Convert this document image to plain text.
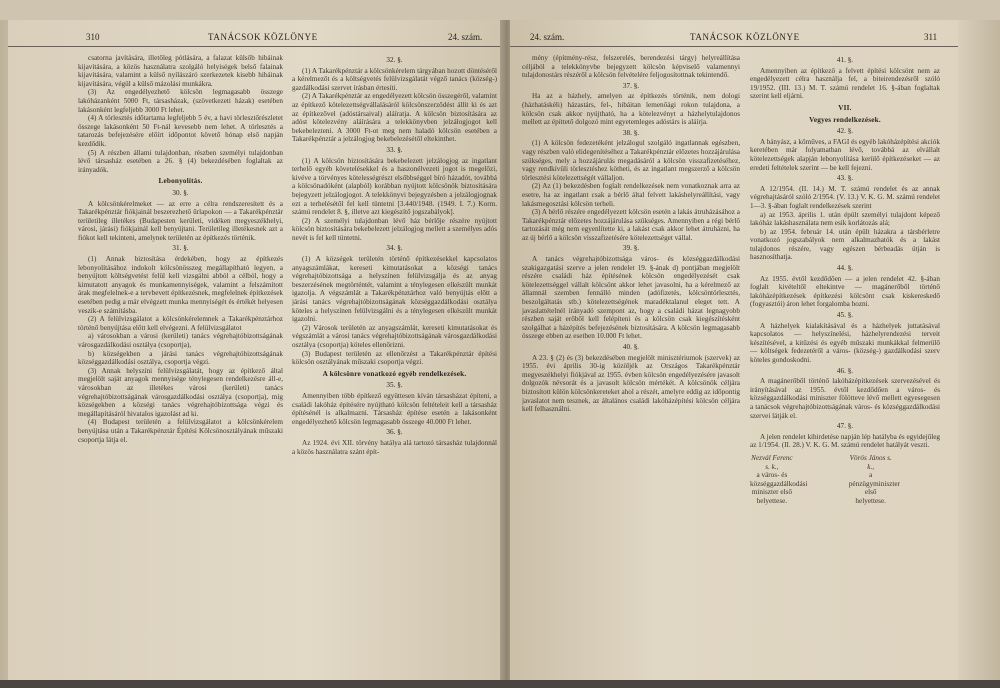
310	TANÁCSOK KÖZLÖNYE	24. szám.

csatorna javítására, illetőleg pótlására, a falazat külsőb hibáinak kijavítására, a közös használatra szolgáló helyiségek belső falainak kijavítására, valamint a külső nyílászáró szerkezetek kisebb hibáinak kijavítására, végül a külső mázolási munkákra.

(3) Az engedélyezhető kölcsön legmagasabb összege lakóházanként 5000 Ft, társasházak, (szövetkezeti házak) esetében lakásonként legfeljebb 3000 Ft lehet.

(4) A törlesztés időtartama legfeljebb 5 év, a havi törlesztőrészletet összege lakásonként 50 Ft-nál kevesebb nem lehet. A törlesztés a tatarozás befejezésére előírt időpontot követő hónap első napján kezdődik.

(5) A részben állami tulajdonban, részben személyi tulajdonban lévő társasház esetében a 26. § (4) bekezdésében foglaltak az irányadók.

Lebonyolítás.

30. §.

A kölcsönkérelmeket — az erre a célra rendszeresített és a Takarékpénztár fiókjainál beszerezhető űrlapokon — a Takarékpénztár területileg illetékes (Budapesten kerületi, vidéken megyeszékhelyi, városi, járási) fiókjainál kell benyújtani. Területileg illetékesnek azt a fiókot kell tekinteni, amelynek területén az építkezés történik.

31. §.

(1) Annak biztosítása érdekében, hogy az építkezés lebonyolításához indokolt kölcsönösszeg megállapítható legyen, a benyújtott költségvetést felül kell vizsgálni abból a célból, hogy a kimutatott anyagok és munkamennyiségek, valamint a felszámított árak megfelelnek-e a tervbevett építkezésnek, megfelelnek építkezések esetében pedig a már elvégzett munka mennyiségét és értékét helyesen veszik-e számításba.

(2) A felülvizsgálatot a kölcsönkérelemnek a Takarékpénztárhoz történő benyújtása előtt kell elvégezni. A felülvizsgálatot

a) városokban a városi (kerületi) tanács végrehajtóbizottságának városgazdálkodási osztálya (csoportja),

b) községekben a járási tanács végrehajtóbizottságának községgazdálkodási osztálya, csoportja végzi.

(3) Annak helyszíni felülvizsgálatát, hogy az építkező által megjelölt saját anyagok mennyisége ténylegesen rendelkezésre áll-e, városokban az illetékes városi (kerületi) tanács végrehajtóbizottságának városgazdálkodási osztálya (csoportja), míg községekben a községi tanács végrehajtóbizottsága végzi és megállapításáról hivatalos igazolást ad ki.

(4) Budapest területén a felülvizsgálatot a kölcsönkérelem benyújtása után a Takarékpénztár Építési Kölcsönosztályának műszaki csoportja látja el.

32. §.

(1) A Takarékpénztár a kölcsönkérelem tárgyában hozott döntéséről a kérelmezőt és a költségvetés felülvizsgálatát végző tanács (község-) gazdálkodási szervet írásban értesíti.

(2) A Takarékpénztár az engedélyezett kölcsön összegéről, valamint az építkező kötelezettségvállalásáról kölcsönszerződést állít ki és azt az építkezővel (adóstársaival) aláíratja. A kölcsön biztosítására az adóst kötelezvény aláírására a telekkönyvben jelzálogjogot kell bekebelezteni. A 3000 Ft-ot meg nem haladó kölcsön esetében a Takarékpénztár a jelzálogjog bekebelezésétől eltekinthet.

33. §.

(1) A kölcsön biztosítására bekebelezett jelzálogjog az ingatlant terhelő egyéb követelésekkel és a haszonélvezeti jogot is megelőzi, kivéve a törvényes kötelességrészt elsőbbséggel bíró házadót, továbbá a kölcsönadóként (alapból) korábban nyújtott kölcsönök biztosítására bejegyzett jelzálogjogot. A telekkönyvi bejegyzésben a jelzálogjognak ezt a terhelésétől fel kell tüntetni [3.440/1948. (1949. I. 7.) Korm. számú rendelet 8. §, illetve azt kiegészítő jogszabályok].

(2) A személyi tulajdonban lévő ház bérlője részére nyújtott kölcsön biztosítására bekebelezett jelzálogjog mellett a személyes adós nevét is fel kell tüntetni.

34. §.

(1) A községek területén történő építkezésekkel kapcsolatos anyagszámlákat, kereseti kimutatásokat a községi tanács végrehajtóbizottsága a helyszínen felülvizsgálja és az anyag beszerzésének megtörténtét, valamint a ténylegesen elkészült munkát igazolja. A végszámlát a Takarékpénztárhoz való benyújtás előtt a járási tanács végrehajtóbizottságának községgazdálkodási osztálya köteles a helyszínen felülvizsgálni és a ténylegesen elkészült munkát igazolni.

(2) Városok területén az anyagszámlát, kereseti kimutatásokat és végszámlát a városi tanács végrehajtóbizottságának városgazdálkodási osztálya (csoportja) köteles ellenőrizni.

(3) Budapest területén az ellenőrzést a Takarékpénztár építési kölcsön osztályának műszaki csoportja végzi.

A kölcsönre vonatkozó egyéb rendelkezések.

35. §.

Amennyiben több építkező együttesen kíván társasházat építeni, a családi lakóház építésére nyújtható kölcsön feltételeit kell a társasház építésénél is alkalmazni. Társasház építése esetén a lakásonként engedélyezhető kölcsön legmagasabb összege 40.000 Ft lehet.

36. §.

Az 1924. évi XII. törvény hatálya alá tartozó társasház tulajdonnál a közös használatra szánt épít-

24. szám.	TANÁCSOK KÖZLÖNYE	311

mény (építmény-rész, felszerelés, berendezési tárgy) helyreállítása céljából a telekkönyvbe bejegyzett kölcsön képviselő valamennyi tulajdonostárs részéről a kölcsön felvételére feljogosítottnak tekintendő.

37. §.

Ha az a házhely, amelyen az építkezés történik, nem dologi (házhatáskéli) házastárs, fel-, hibáitan lemenőági rokon tulajdona, a kölcsön csak akkor nyújtható, ha a kötelezvényt a házhelytulajdonos mellett az építtető dolgozó mint egyetemleges adóstárs is aláírja.

38. §.

(1) A kölcsön fedezetéként jelzálogul szolgáló ingatlannak egészben, vagy részben való elidegenítéséhez a Takarékpénztár előzetes hozzájárulása szükséges, mely a hozzájárulás megadásáról a kölcsön visszafizetéséhez, vagy rendkívüli törlesztéshez kötheti, és az ingatlant megszerző a kölcsön törlesztési kötelezettségét vállaljon.

(2) Az (1) bekezdésben foglalt rendelkezések nem vonatkoznak arra az esetre, ha az ingatlant csak a bérlő által felvett lakáshelyreállítási, vagy lakásmegosztási kölcsön terheli.

(3) A bérlő részére engedélyezett kölcsön esetén a lakás átruházásához a Takarékpénztár előzetes hozzájárulása szükséges. Amennyiben a régi bérlő tartozását még nem egyenlítette ki, a lakást csak akkor lehet átruházni, ha az új bérlő a kölcsön visszafizetésére kötelezettséget vállal.

39. §.

A tanács végrehajtóbizottsága város- és községgazdálkodási szakigazgatási szerve a jelen rendelet 19. §-ának d) pontjában megjelölt részére családi ház építésének kölcsön engedélyezését csak kötelezettséggel vállalt kölcsönt akkor lehet javasolni, ha a kérelmező az államnál szemben fennálló minden (adófizetés, kölcsöntörlesztés, beszolgáltatás stb.) kötelezettségének maradéktalanul eleget tett. A javaslattételnél irányadó szempont az, hogy a családi házat legnagyobb részben saját erőből kell felépíteni és a kölcsön csak kiegészítésként szolgálhat a házépítés befejezésének biztosítására. A kölcsön legmagasabb összege ebben az esetben 10.000 Ft lehet.

40. §.

A 23. § (2) és (3) bekezdésében megjelölt minisztériumok (szervek) az 1955. évi április 30-ig közöljék az Országos Takarékpénztár megyeszékhelyi fiókjával az 1955. évben kölcsön engedélyezésére javasolt dolgozók névsorát és a javasolt kölcsön mértékét. A kölcsönök céljára biztosított külön kölcsönkereteket ahol a részét, amelyre eddig az időpontig javaslatot nem tesznek, az általános családi lakóházépítési kölcsön céljára kell felhasználni.

41. §.

Amennyiben az építkező a felvett építési kölcsönt nem az engedélyezett célra használja fel, a biteirendezésről szóló 19/1952. (III. 13.) M. T. számú rendelet 16. §-ában foglaltak szerint kell eljárni.

VII.

Vegyes rendelkezések.

42. §.

A bányász, a kőműves, a FAGI és egyéb lakóházépítési akciók keretében már folyamatban lévő, továbbá az elvállalt kötelezettségek alapján lebonyolítása kerülő építkezéseket — az eredeti feltételek szerint — be kell fejezni.

43. §.

A 12/1954. (II. 14.) M. T. számú rendelet és az annak végrehajtásáról szóló 2/1954. (V. 13.) V. K. G. M. számú rendelet 1—3. §-ában foglalt rendelkezések szerint

a) az 1953. április 1. után épült személyi tulajdont képező lakóház lakáshasználata nem esik korlátozás alá;

b) az 1954. február 14. után épült házakra a társbérletre vonatkozó jogszabályok nem alkalmazhatók és a lakást tulajdonos részére, vagy egészen bérbeadás útján is hasznosíthatja.

44. §.

Az 1955. évtől kezdődően — a jelen rendelet 42. §-ában foglalt kivételtől eltekintve — magánerőből történő lakóházépítkezések építkezési kölcsönt csak kiskereskedő (fogyasztói) áron lehet forgalomba hozni.

45. §.

A házhelyek kialakításával és a házhelyek juttatásával kapcsolatos — helyszínelési, házhelyrendezési terveit készítésével, a kitűzési és egyéb műszaki munkákkal felmerülő — költségek fedezetéről a város- (község-) gazdálkodási szerv köteles gondoskodni.

46. §.

A magánerőből történő lakóházépítkezések szervezésével és irányításával az 1955. évtől kezdődően a város- és községgazdálkodási miniszter fölötteve lévő mellett egyesegesen a tanácsok végrehajtóbizottságának város- és községgazdálkodási szervei látják el.

47. §.

A jelen rendelet kihirdetése napján lép hatályba és egyidejűleg az 1/1954. (II. 28.) V. K. G. M. számú rendelet hatályát veszti.

Nezvál Ferenc s. k.,
a város- és községgazdálkodási miniszter első helyettese.
Vörös János s. k.,
a pénzügyminiszter első helyettese.
